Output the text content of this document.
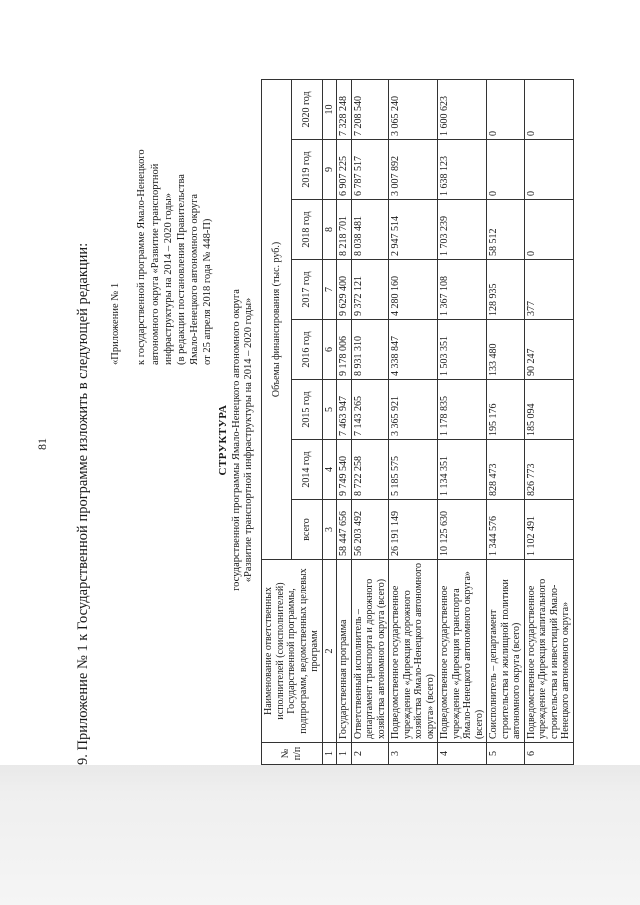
81 9. Приложение № 1 к Государственной программе изложить в следующей редакции: «Приложение № 1
к государственной программе Ямало-Ненецкого автономного округа «Развитие транспортной инфраструктуры на 2014 – 2020 годы» (в редакции постановления Правительства Ямало-Ненецкого автономного округа от 25 апреля 2018 года № 448-П)
СТРУКТУРА государственной программы Ямало-Ненецкого автономного округа «Развитие транспортной инфраструктуры на 2014 – 2020 годы»
№ п/п	Наименование ответственных исполнителей (соисполнителей) Государственной программы, подпрограмм, ведомственных целевых программ	Объемы финансирования (тыс. руб.)							
		всего	2014 год	2015 год	2016 год	2017 год	2018 год	2019 год	2020 год
1	2	3	4	5	6	7	8	9	10
1	Государственная программа	58 447 656	9 749 540	7 463 947	9 178 006	9 629 400	8 218 701	6 907 225	7 328 248
2	Ответственный исполнитель – департамент транспорта и дорожного хозяйства автономного округа (всего)	56 203 492	8 722 258	7 143 265	8 931 310	9 372 121	8 038 481	6 787 517	7 208 540
3	Подведомственное государственное учреждение «Дирекция дорожного хозяйства Ямало-Ненецкого автономного округа» (всего)	26 191 149	5 185 575	3 365 921	4 338 847	4 280 160	2 947 514	3 007 892	3 065 240
4	Подведомственное государственное учреждение «Дирекция транспорта Ямало-Ненецкого автономного округа» (всего)	10 125 630	1 134 351	1 178 835	1 503 351	1 367 108	1 703 239	1 638 123	1 600 623
5	Соисполнитель – департамент строительства и жилищной политики автономного округа (всего)	1 344 576	828 473	195 176	133 480	128 935	58 512	0	0
6	Подведомственное государственное учреждение «Дирекция капитального строительства и инвестиций Ямало-Ненецкого автономного округа»	1 102 491	826 773	185 094	90 247	377	0	0	0
